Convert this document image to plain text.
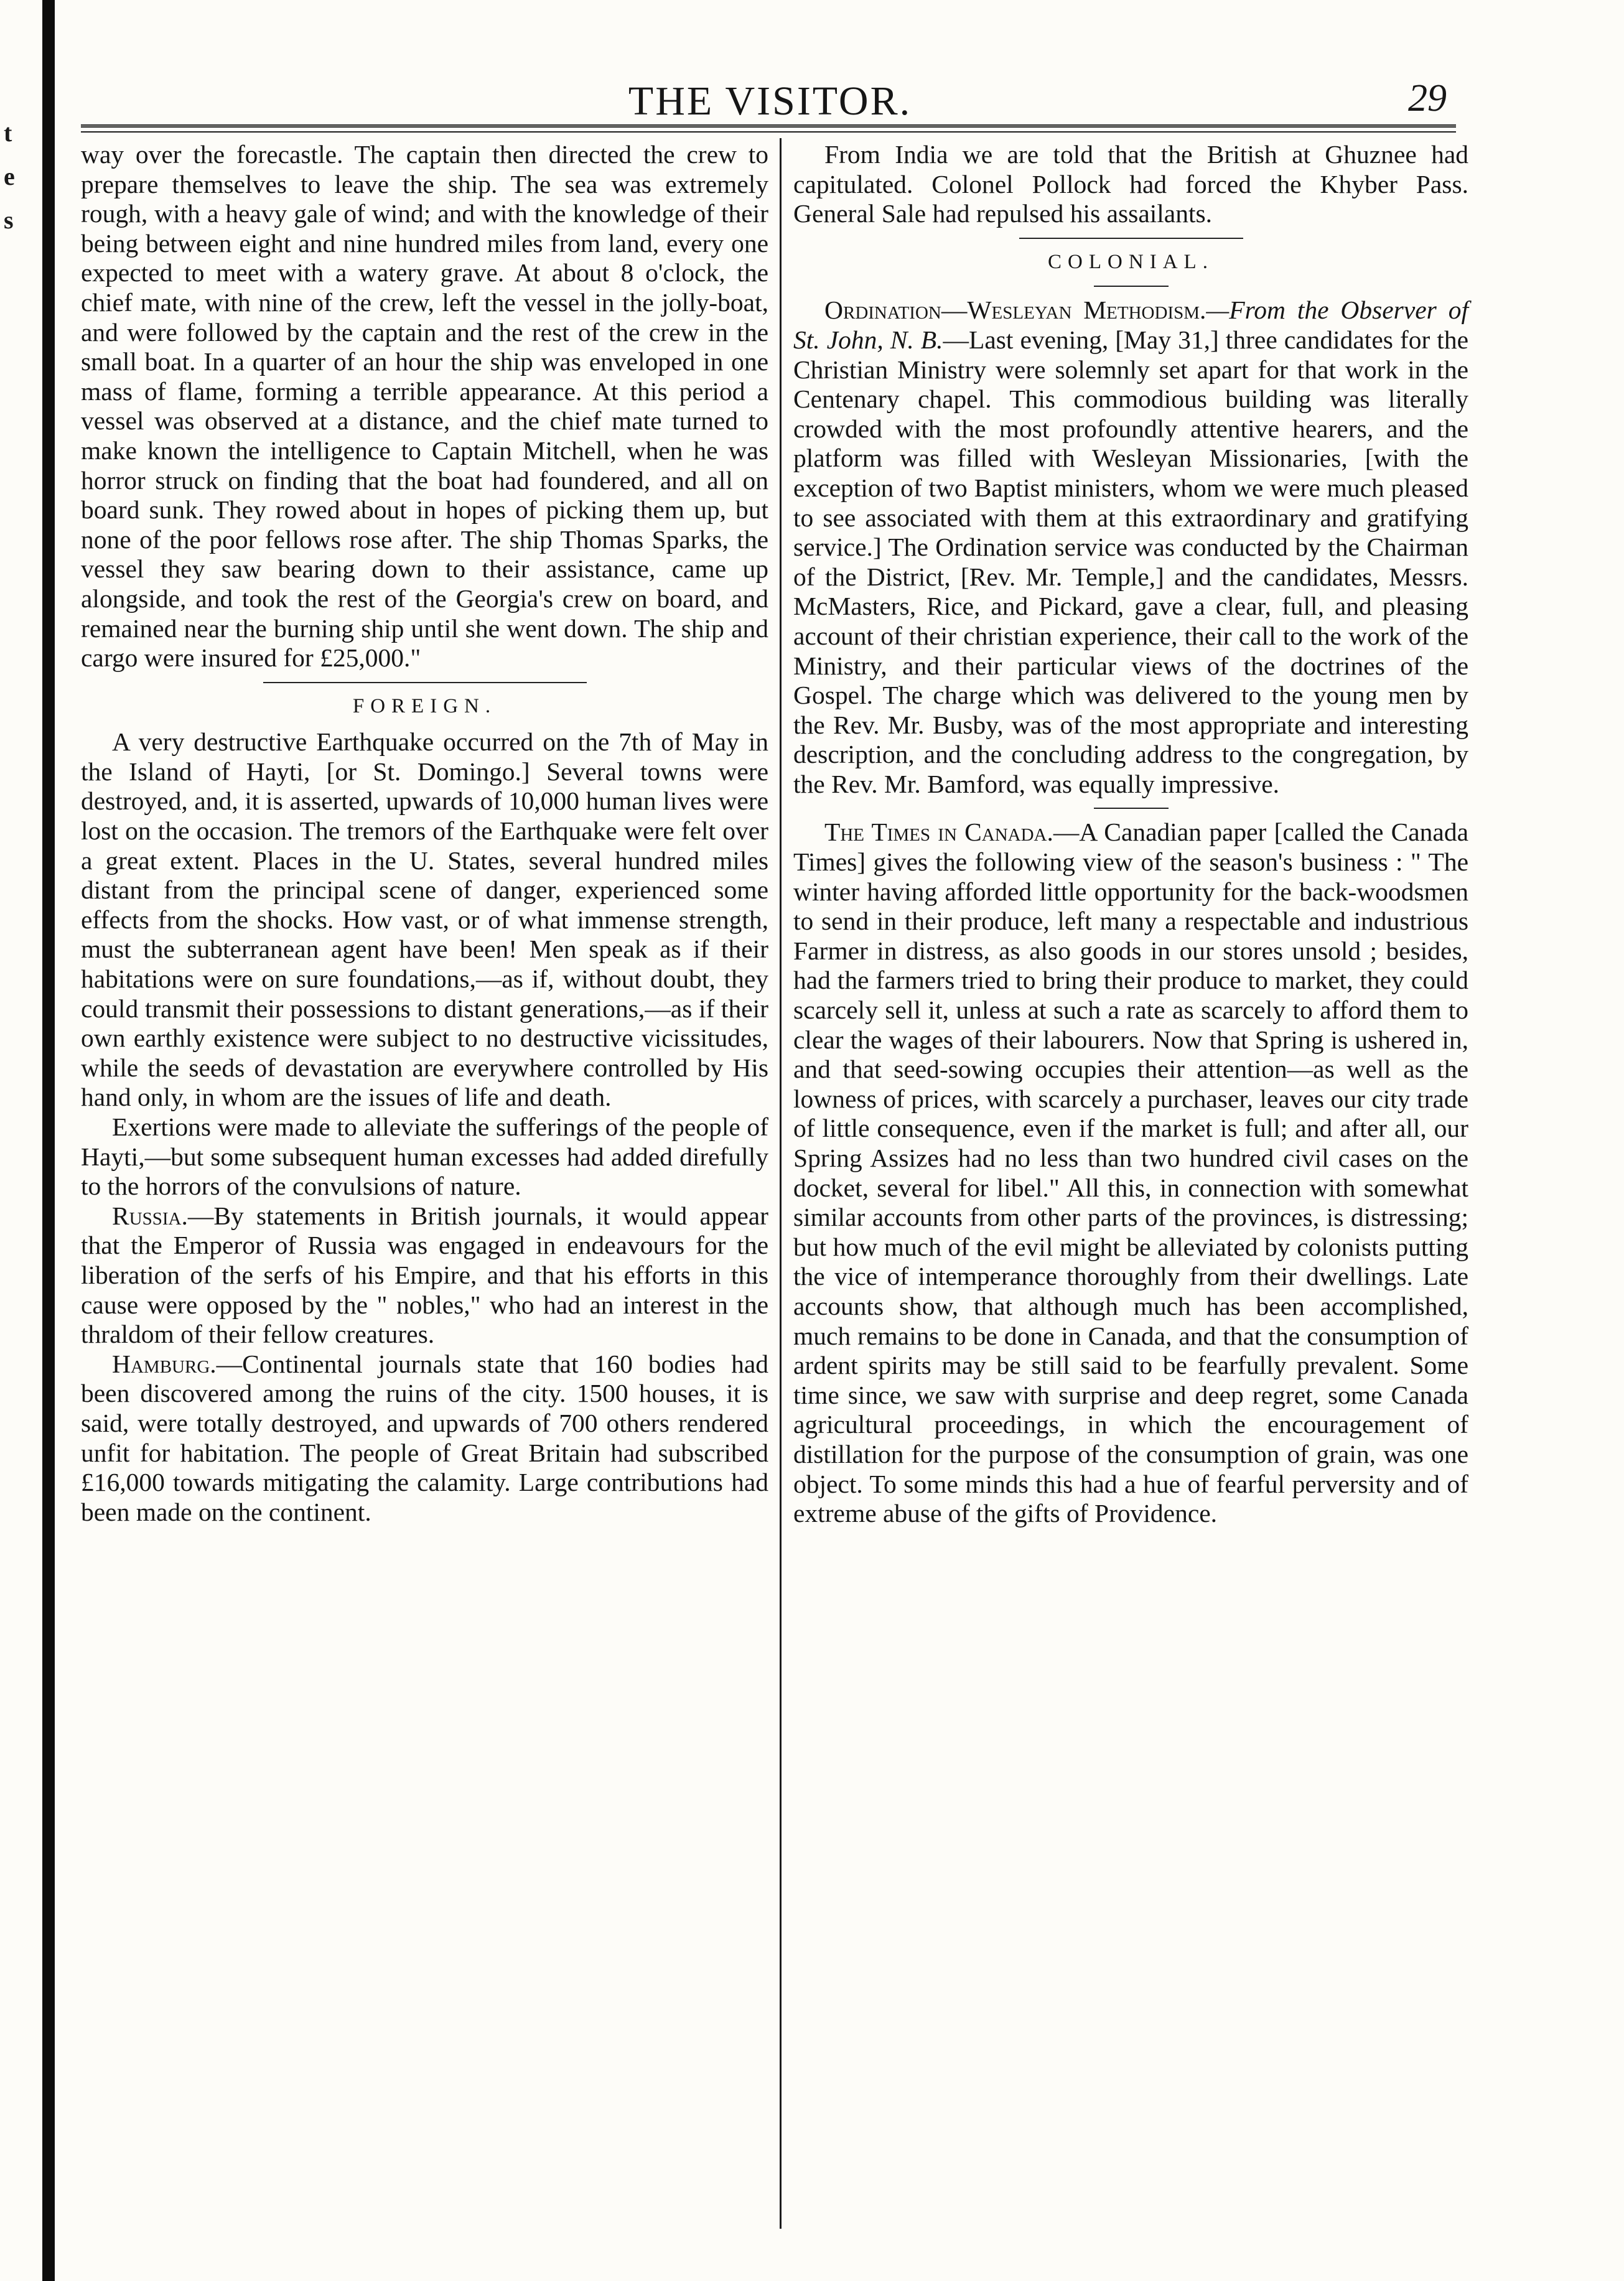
t
e
s
THE VISITOR.	29

way over the forecastle. The captain then directed the crew to prepare themselves to leave the ship. The sea was extremely rough, with a heavy gale of wind; and with the knowledge of their being between eight and nine hundred miles from land, every one expected to meet with a watery grave. At about 8 o'clock, the chief mate, with nine of the crew, left the vessel in the jolly-boat, and were followed by the captain and the rest of the crew in the small boat. In a quarter of an hour the ship was enveloped in one mass of flame, forming a terrible appearance. At this period a vessel was observed at a distance, and the chief mate turned to make known the intelligence to Captain Mitchell, when he was horror struck on finding that the boat had foundered, and all on board sunk. They rowed about in hopes of picking them up, but none of the poor fellows rose after. The ship Thomas Sparks, the vessel they saw bearing down to their assistance, came up alongside, and took the rest of the Georgia's crew on board, and remained near the burning ship until she went down. The ship and cargo were insured for £25,000."

FOREIGN.

A very destructive Earthquake occurred on the 7th of May in the Island of Hayti, [or St. Domingo.] Several towns were destroyed, and, it is asserted, upwards of 10,000 human lives were lost on the occasion. The tremors of the Earthquake were felt over a great extent. Places in the U. States, several hundred miles distant from the principal scene of danger, experienced some effects from the shocks. How vast, or of what immense strength, must the subterranean agent have been! Men speak as if their habitations were on sure foundations,—as if, without doubt, they could transmit their possessions to distant generations,—as if their own earthly existence were subject to no destructive vicissitudes, while the seeds of devastation are everywhere controlled by His hand only, in whom are the issues of life and death.

Exertions were made to alleviate the sufferings of the people of Hayti,—but some subsequent human excesses had added direfully to the horrors of the convulsions of nature.

Russia.—By statements in British journals, it would appear that the Emperor of Russia was engaged in endeavours for the liberation of the serfs of his Empire, and that his efforts in this cause were opposed by the " nobles," who had an interest in the thraldom of their fellow creatures.

Hamburg.—Continental journals state that 160 bodies had been discovered among the ruins of the city. 1500 houses, it is said, were totally destroyed, and upwards of 700 others rendered unfit for habitation. The people of Great Britain had subscribed £16,000 towards mitigating the calamity. Large contributions had been made on the continent.

From India we are told that the British at Ghuznee had capitulated. Colonel Pollock had forced the Khyber Pass. General Sale had repulsed his assailants.

COLONIAL.

Ordination—Wesleyan Methodism.—From the Observer of St. John, N. B.—Last evening, [May 31,] three candidates for the Christian Ministry were solemnly set apart for that work in the Centenary chapel. This commodious building was literally crowded with the most profoundly attentive hearers, and the platform was filled with Wesleyan Missionaries, [with the exception of two Baptist ministers, whom we were much pleased to see associated with them at this extraordinary and gratifying service.] The Ordination service was conducted by the Chairman of the District, [Rev. Mr. Temple,] and the candidates, Messrs. McMasters, Rice, and Pickard, gave a clear, full, and pleasing account of their christian experience, their call to the work of the Ministry, and their particular views of the doctrines of the Gospel. The charge which was delivered to the young men by the Rev. Mr. Busby, was of the most appropriate and interesting description, and the concluding address to the congregation, by the Rev. Mr. Bamford, was equally impressive.

The Times in Canada.—A Canadian paper [called the Canada Times] gives the following view of the season's business : " The winter having afforded little opportunity for the back-woodsmen to send in their produce, left many a respectable and industrious Farmer in distress, as also goods in our stores unsold ; besides, had the farmers tried to bring their produce to market, they could scarcely sell it, unless at such a rate as scarcely to afford them to clear the wages of their labourers. Now that Spring is ushered in, and that seed-sowing occupies their attention—as well as the lowness of prices, with scarcely a purchaser, leaves our city trade of little consequence, even if the market is full; and after all, our Spring Assizes had no less than two hundred civil cases on the docket, several for libel." All this, in connection with somewhat similar accounts from other parts of the provinces, is distressing; but how much of the evil might be alleviated by colonists putting the vice of intemperance thoroughly from their dwellings. Late accounts show, that although much has been accomplished, much remains to be done in Canada, and that the consumption of ardent spirits may be still said to be fearfully prevalent. Some time since, we saw with surprise and deep regret, some Canada agricultural proceedings, in which the encouragement of distillation for the purpose of the consumption of grain, was one object. To some minds this had a hue of fearful perversity and of extreme abuse of the gifts of Providence.
